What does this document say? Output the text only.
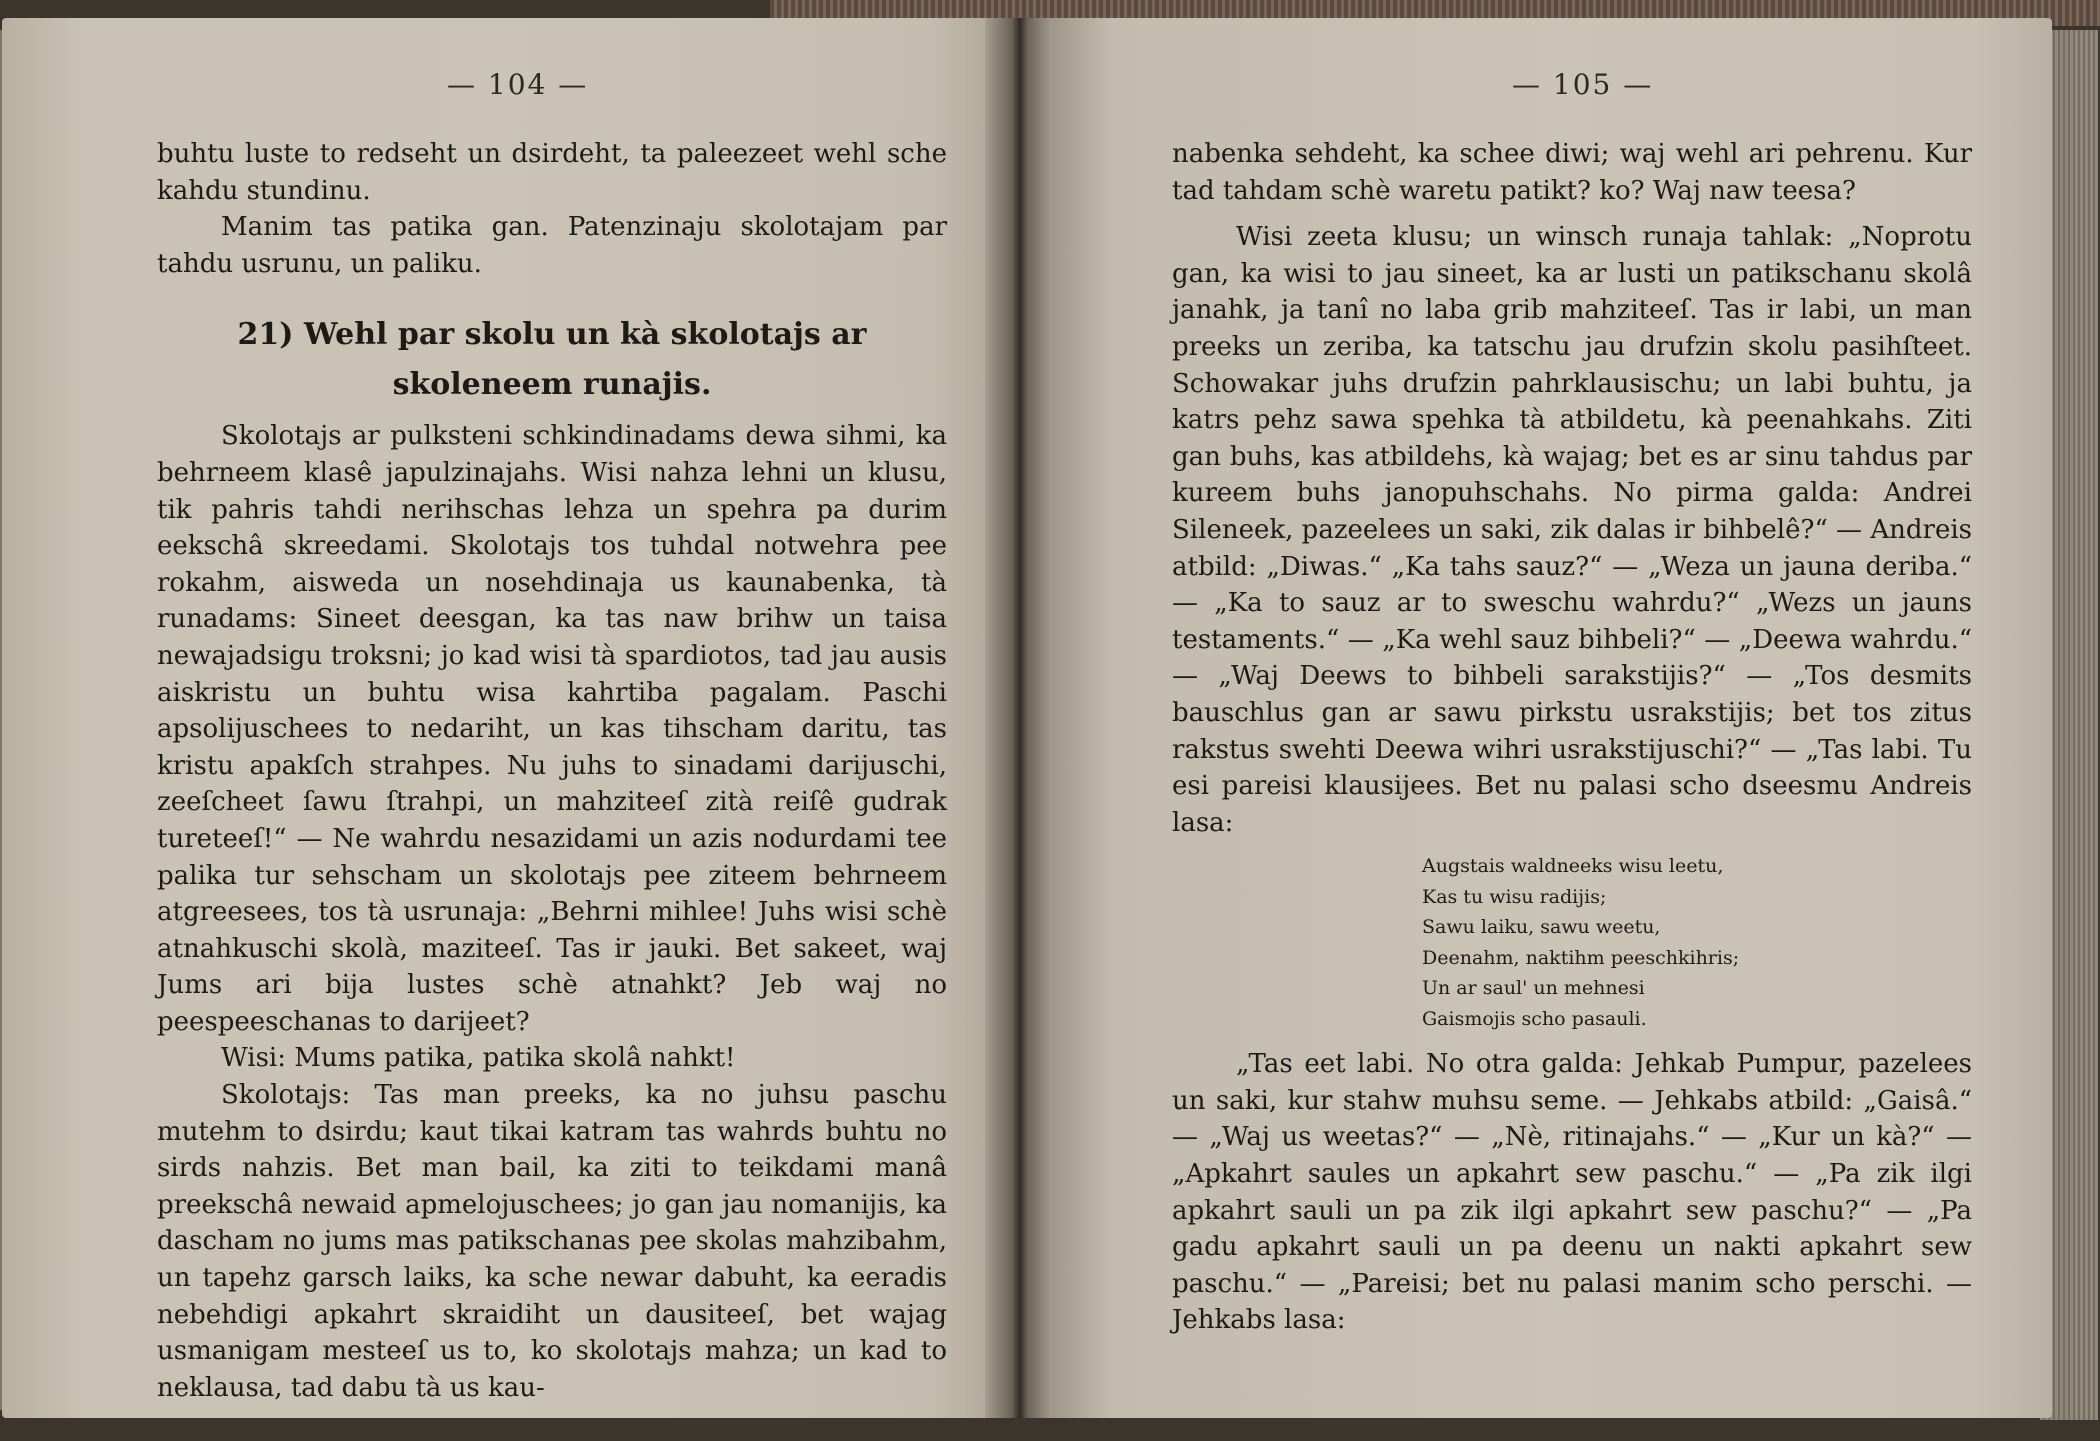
— 104 —

buhtu luste to redseht un dsirdeht, ta paleezeet wehl sche kahdu stundinu.

Manim tas patika gan. Patenzinaju skolotajam par tahdu usrunu, un paliku.

21) Wehl par skolu un kà skolotajs ar skoleneem runajis.

Skolotajs ar pulksteni schkindinadams dewa sihmi, ka behrneem klasê japulzinajahs. Wisi nahza lehni un klusu, tik pahris tahdi nerihschas lehza un spehra pa durim eekschâ skreedami. Skolotajs tos tuhdal notwehra pee rokahm, aiswedа un nosehdinaja us kaunabenka, tà runadams: Sineet deesgan, ka tas naw brihw un taisa newajadsigu troksni; jo kad wisi tà spardiotos, tad jau ausis aiskristu un buhtu wisa kahrtiba pagalam. Paschi apsolijuschees to nedariht, un kas tihscham daritu, tas kristu apakſch strahpes. Nu juhs to sinadami darijuschi, zeeſcheet ſawu ſtrahpi, un mahziteeſ zità reiſê gudrak tureteeſ!“ — Ne wahrdu nesazidami un azis nodurdami tee palika tur sehscham un skolotajs pee ziteem behrneem atgreesees, tos tà usrunaja: „Behrni mihlee! Juhs wisi schè atnahkuschi skolà, maziteeſ. Tas ir jauki. Bet sakeet, waj Jums ari bija lustes schè atnahkt? Jeb waj no peespeeschanas to darijeet?

Wisi: Mums patika, patika skolâ nahkt!

Skolotajs: Tas man preeks, ka no juhsu paschu mutehm to dsirdu; kaut tikai katram tas wahrds buhtu no sirds nahzis. Bet man bail, ka ziti to teikdami manâ preekschâ newaid apmelojuschees; jo gan jau nomanijis, ka dascham no jums mas patikschanas pee skolas mahzibahm, un tapehz garsch laiks, ka sche newar dabuht, ka eeradis nebehdigi apkahrt skraidiht un dausiteeſ, bet wajag usmanigam mesteeſ us to, ko skolotajs mahza; un kad to neklausa, tad dabu tà us kau-

— 105 —

nabenka sehdeht, ka schee diwi; waj wehl ari pehrenu. Kur tad tahdam schè waretu patikt? ko? Waj naw teesa?

Wisi zeeta klusu; un winsch runaja tahlak: „Noprotu gan, ka wisi to jau sineet, ka ar lusti un patikschanu skolâ janahk, ja tanî no laba grib mahziteeſ. Tas ir labi, un man preeks un zeriba, ka tatschu jau drufzin skolu pasihſteet. Schowakar juhs drufzin pahrklausischu; un labi buhtu, ja katrs pehz sawa spehka tà atbildetu, kà peenahkahs. Ziti gan buhs, kas atbildehs, kà wajag; bet es ar sinu tahdus par kureem buhs janopuhschahs. No pirma galda: Andrei Sileneek, pazeelees un saki, zik dalas ir bihbelê?“ — Andreis atbild: „Diwas.“ „Ka tahs sauz?“ — „Weza un jauna deriba.“ — „Ka to sauz ar to sweschu wahrdu?“ „Wezs un jauns testaments.“ — „Ka wehl sauz bihbeli?“ — „Deewa wahrdu.“ — „Waj Deews to bihbeli sarakstijis?“ — „Tos desmits bauschlus gan ar sawu pirkstu usrakstijis; bet tos zitus rakstus swehti Deewa wihri usrakstijuschi?“ — „Tas labi. Tu esi pareisi klausijees. Bet nu palasi scho dseesmu Andreis lasa:

Augstais waldneeks wisu leetu,
Kas tu wisu radijis;
Sawu laiku, sawu weetu,
Deenahm, naktihm peeschkihris;
Un ar saul' un mehnesi
Gaismojis scho pasauli.

„Tas eet labi. No otra galda: Jehkab Pumpur, pazelees un saki, kur stahw muhsu seme. — Jehkabs atbild: „Gaisâ.“ — „Waj us weetas?“ — „Nè, ritinajahs.“ — „Kur un kà?“ — „Apkahrt saules un apkahrt sew paschu.“ — „Pa zik ilgi apkahrt sauli un pa zik ilgi apkahrt sew paschu?“ — „Pa gadu apkahrt sauli un pa deenu un nakti apkahrt sew paschu.“ — „Pareisi; bet nu palasi manim scho perschi. — Jehkabs lasa:
